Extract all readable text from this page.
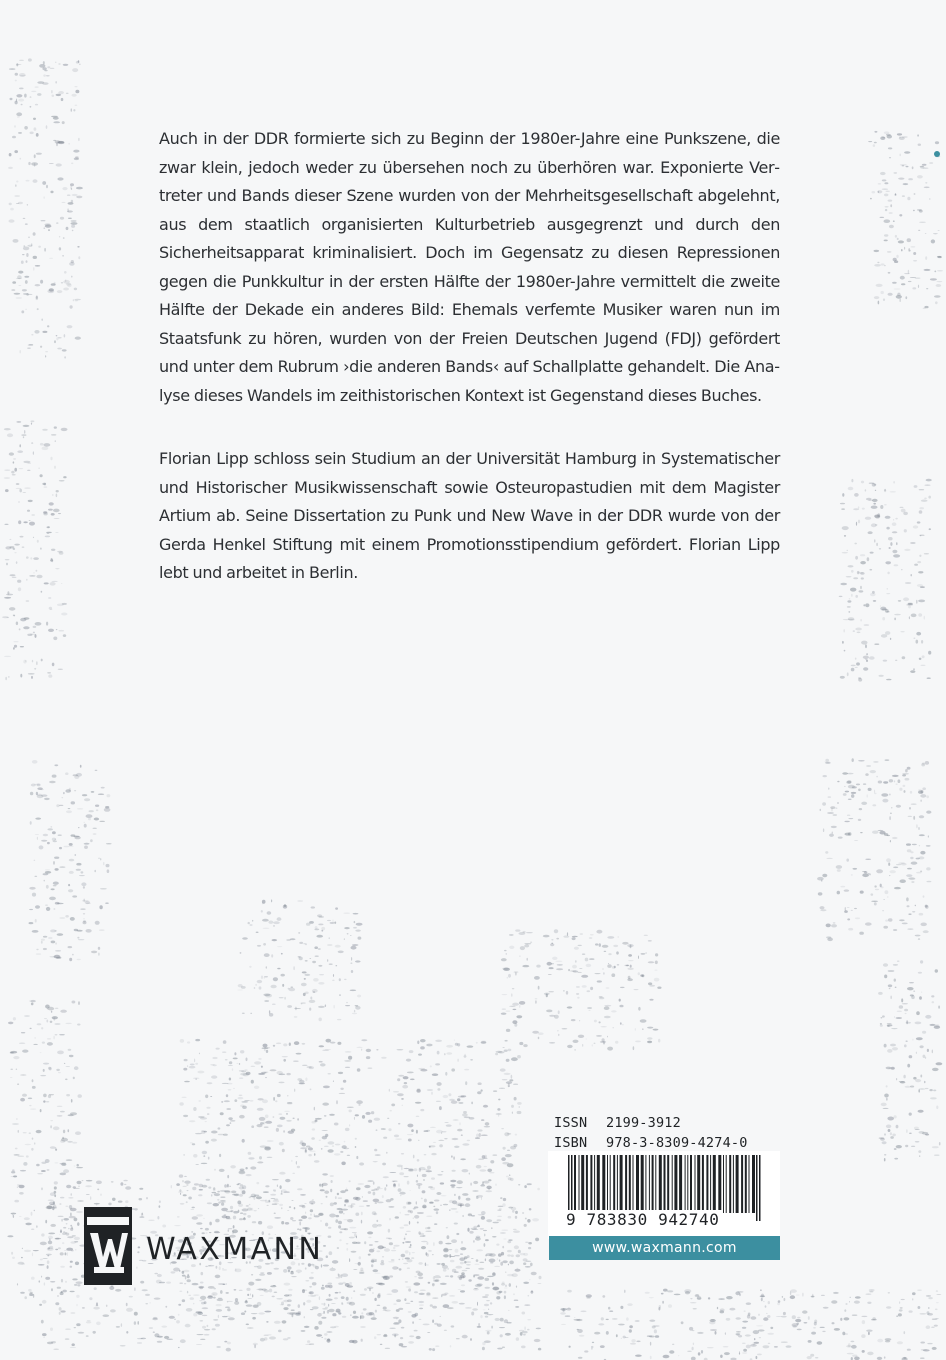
Auch in der DDR formierte sich zu Beginn der 1980er-Jahre eine Punkszene, die zwar klein, jedoch weder zu übersehen noch zu überhören war. Exponierte Vertreter und Bands dieser Szene wurden von der Mehrheitsgesellschaft abgelehnt, aus dem staatlich organisierten Kulturbetrieb ausgegrenzt und durch den Sicherheitsapparat kriminalisiert. Doch im Gegensatz zu diesen Repressionen gegen die Punkkultur in der ersten Hälfte der 1980er-Jahre vermittelt die zweite Hälfte der Dekade ein anderes Bild: Ehemals verfemte Musiker waren nun im Staatsfunk zu hören, wurden von der Freien Deutschen Jugend (FDJ) gefördert und unter dem Rubrum ›die anderen Bands‹ auf Schallplatte gehandelt. Die Analyse dieses Wandels im zeithistorischen Kontext ist Gegenstand dieses Buches.
Florian Lipp schloss sein Studium an der Universität Hamburg in Systematischer und Historischer Musikwissenschaft sowie Osteuropastudien mit dem Magister Artium ab. Seine Dissertation zu Punk und New Wave in der DDR wurde von der Gerda Henkel Stiftung mit einem Promotionsstipendium gefördert. Florian Lipp lebt und arbeitet in Berlin.
ISSN 2199-3912
ISBN 978-3-8309-4274-0
9 783830 942740
www.waxmann.com
WAXMANN
